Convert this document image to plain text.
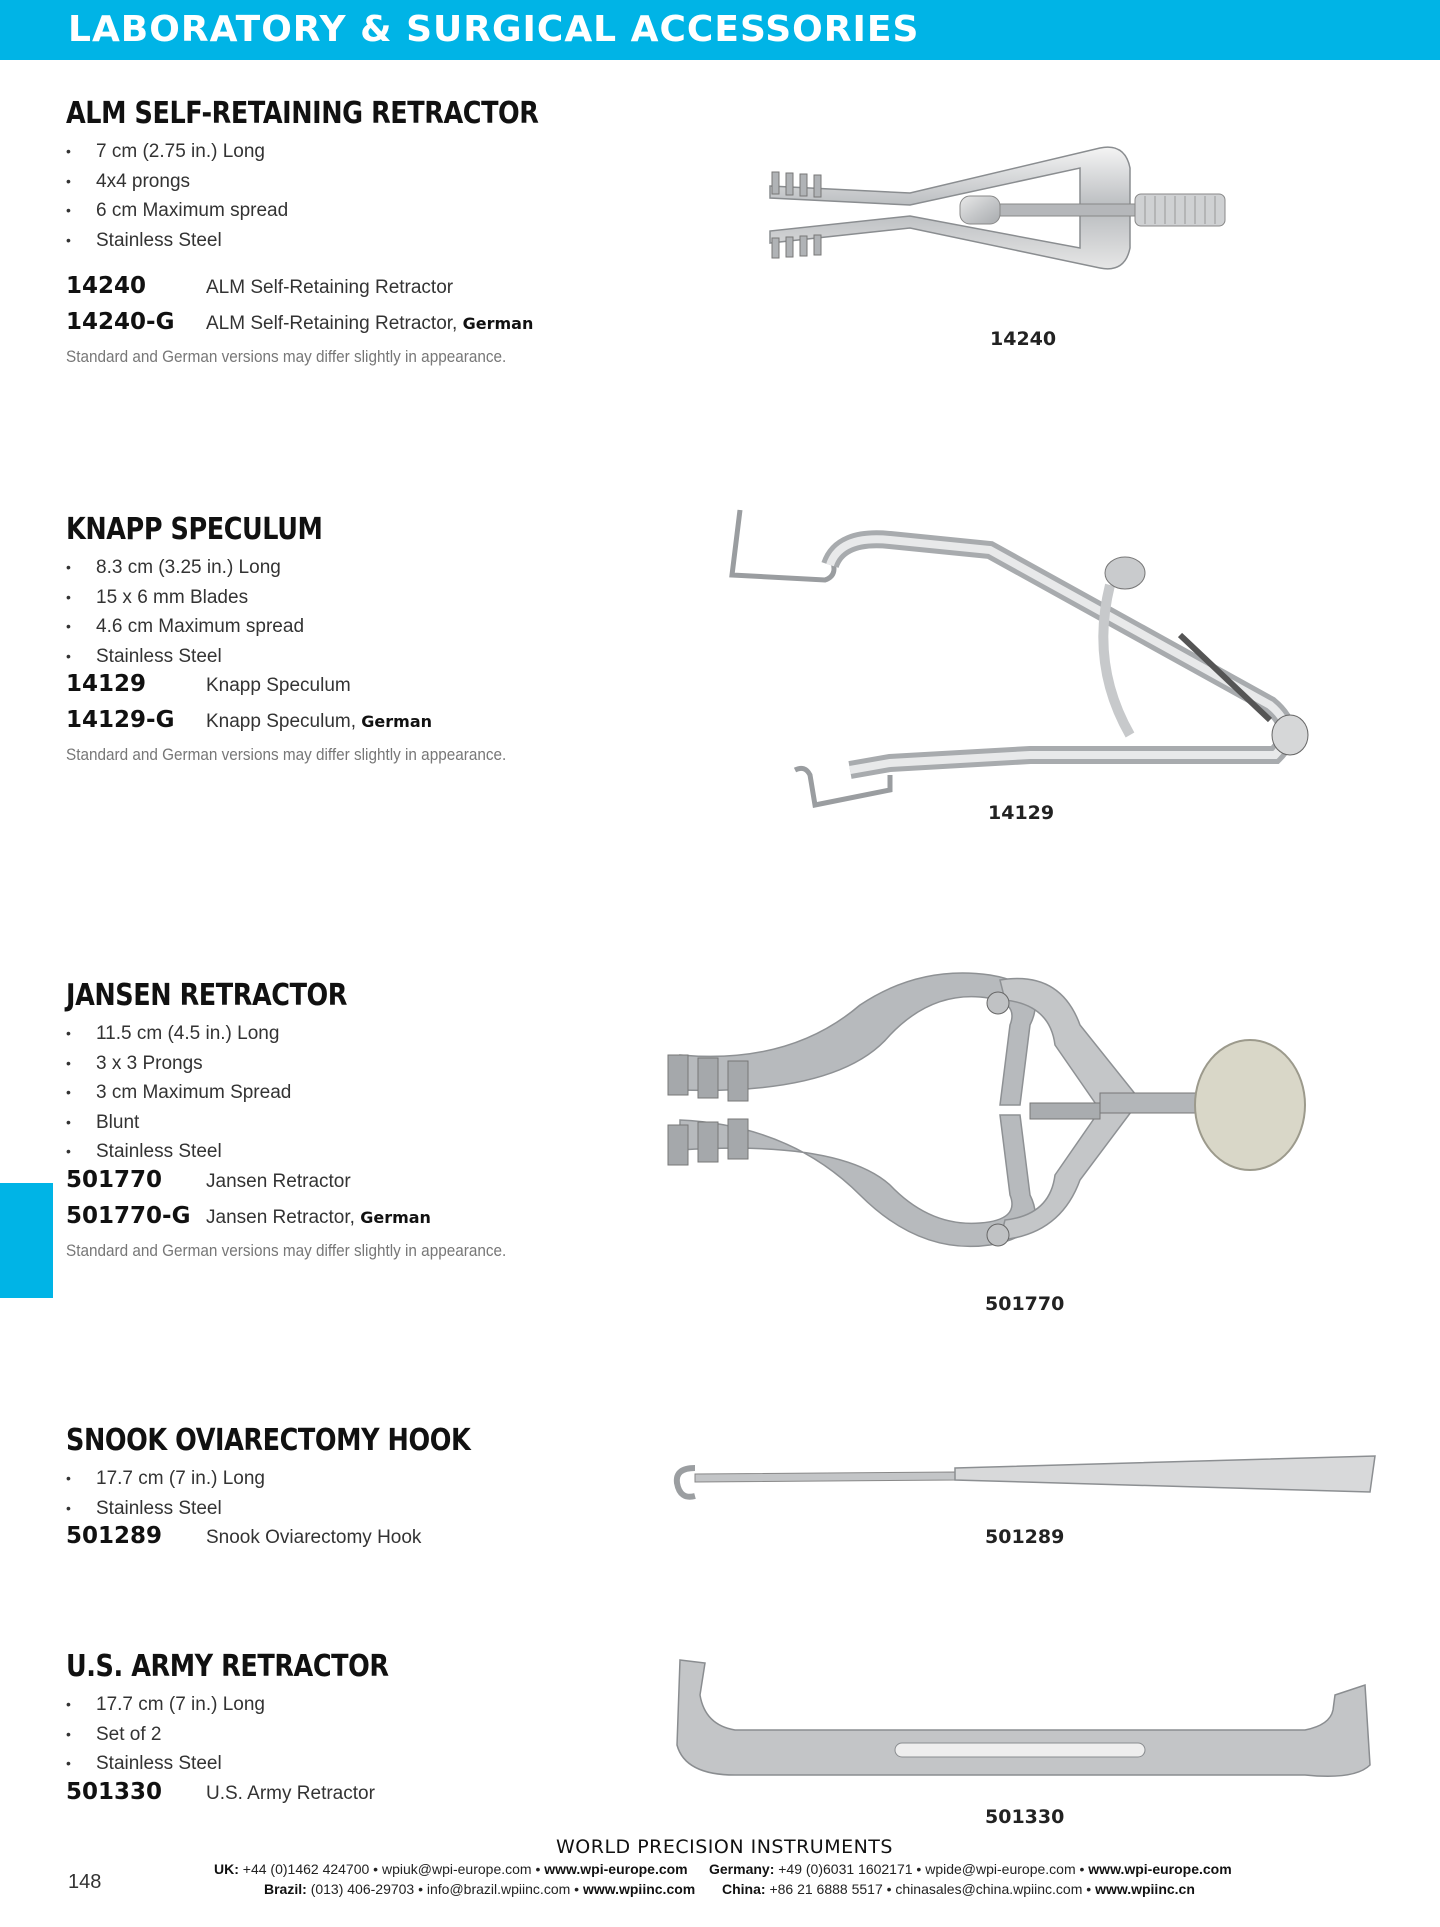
LABORATORY & SURGICAL ACCESSORIES
ALM SELF-RETAINING RETRACTOR
• 7 cm (2.75 in.) Long
• 4x4 prongs
• 6 cm Maximum spread
• Stainless Steel
14240	ALM Self-Retaining Retractor
14240-G	ALM Self-Retaining Retractor, German
Standard and German versions may differ slightly in appearance.
14240
KNAPP SPECULUM
• 8.3 cm (3.25 in.) Long
• 15 x 6 mm Blades
• 4.6 cm Maximum spread
• Stainless Steel
14129	Knapp Speculum
14129-G	Knapp Speculum, German
Standard and German versions may differ slightly in appearance.
14129
JANSEN RETRACTOR
• 11.5 cm (4.5 in.) Long
• 3 x 3 Prongs
• 3 cm Maximum Spread
• Blunt
• Stainless Steel
501770	Jansen Retractor
501770-G Jansen Retractor, German
Standard and German versions may differ slightly in appearance.
501770
SNOOK OVIARECTOMY HOOK
• 17.7 cm (7 in.) Long
• Stainless Steel
501289	Snook Oviarectomy Hook	501289
U.S. ARMY RETRACTOR
• 17.7 cm (7 in.) Long
• Set of 2
• Stainless Steel
501330	U.S. Army Retractor
501330
WORLD PRECISION INSTRUMENTS
148
UK: +44 (0)1462 424700 • wpiuk@wpi-europe.com • www.wpi-europe.com Germany: +49 (0)6031 1602171 • wpide@wpi-europe.com • www.wpi-europe.com
Brazil: (013) 406-29703 • info@brazil.wpiinc.com • www.wpiinc.com China: +86 21 6888 5517 • chinasales@china.wpiinc.com • www.wpiinc.cn
